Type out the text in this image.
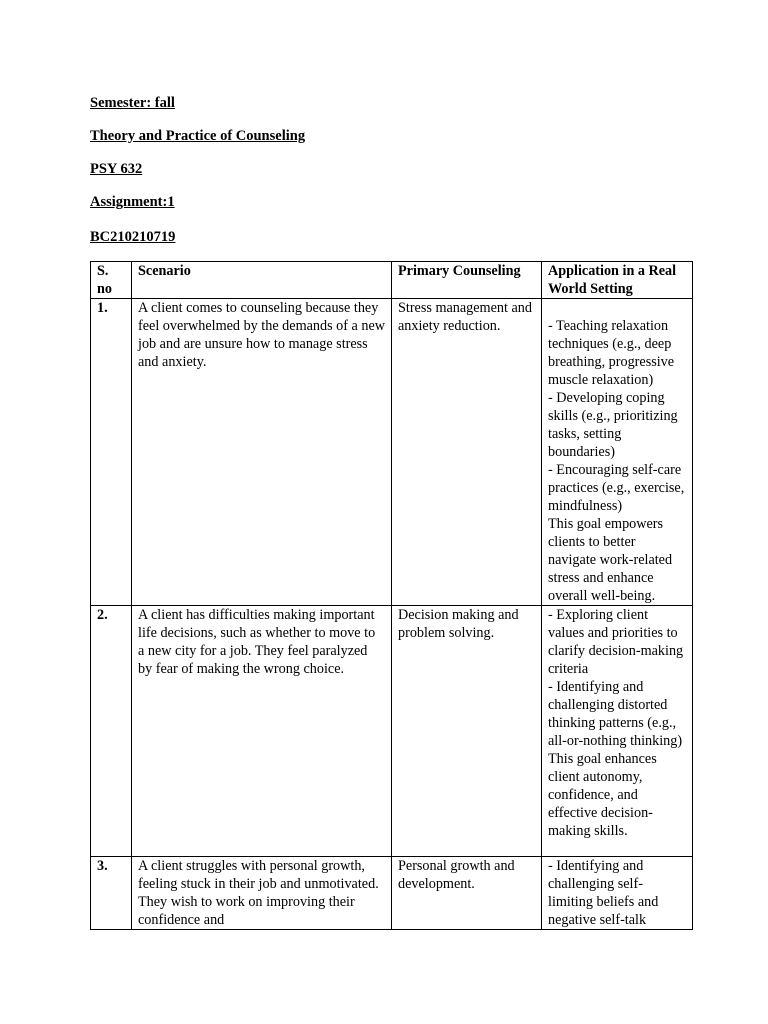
Semester: fall
Theory and Practice of Counseling
PSY 632
Assignment:1
BC210210719
S. no	Scenario	Primary Counseling	Application in a Real World Setting
1.	A client comes to counseling because they feel overwhelmed by the demands of a new job and are unsure how to manage stress and anxiety.	Stress management and anxiety reduction.	- Teaching relaxation techniques (e.g., deep breathing, progressive muscle relaxation)
- Developing coping skills (e.g., prioritizing tasks, setting boundaries)
- Encouraging self-care practices (e.g., exercise, mindfulness)
This goal empowers clients to better navigate work-related stress and enhance overall well-being.

2.	A client has difficulties making important life decisions, such as whether to move to a new city for a job. They feel paralyzed by fear of making the wrong choice.	Decision making and problem solving.	- Exploring client values and priorities to clarify decision-making criteria
- Identifying and challenging distorted thinking patterns (e.g., all-or-nothing thinking)
This goal enhances client autonomy, confidence, and effective decision-making skills.

3.	A client struggles with personal growth, feeling stuck in their job and unmotivated. They wish to work on improving their confidence and	Personal growth and development.	- Identifying and challenging self-limiting beliefs and negative self-talk
